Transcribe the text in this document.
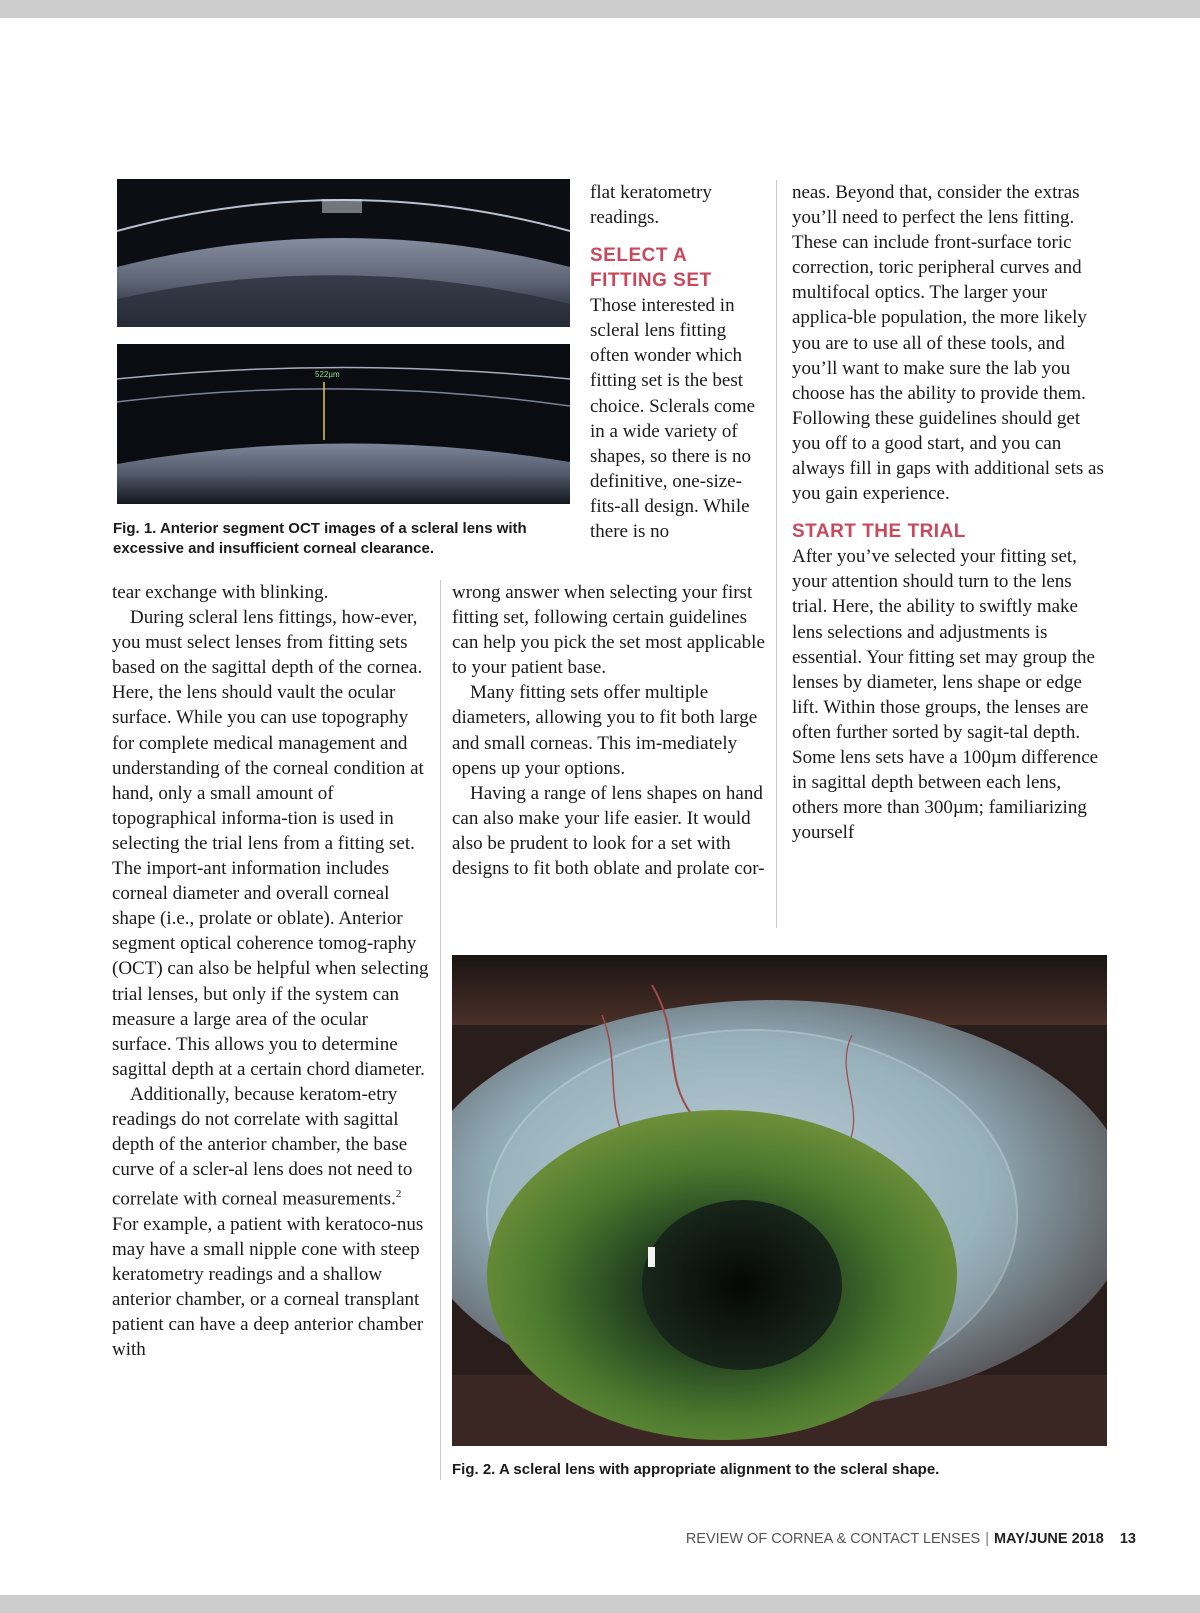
522µm
Fig. 1. Anterior segment OCT images of a scleral lens with excessive and insufficient corneal clearance.

flat keratometry readings.

SELECT A FITTING SET

Those interested in scleral lens fitting often wonder which fitting set is the best choice. Sclerals come in a wide variety of shapes, so there is no definitive, one-size-fits-all design. While there is no

neas. Beyond that, consider the extras you’ll need to perfect the lens fitting. These can include front-surface toric correction, toric peripheral curves and multifocal optics. The larger your applica-ble population, the more likely you are to use all of these tools, and you’ll want to make sure the lab you choose has the ability to provide them. Following these guidelines should get you off to a good start, and you can always fill in gaps with additional sets as you gain experience.

START THE TRIAL

After you’ve selected your fitting set, your attention should turn to the lens trial. Here, the ability to swiftly make lens selections and adjustments is essential. Your fitting set may group the lenses by diameter, lens shape or edge lift. Within those groups, the lenses are often further sorted by sagit-tal depth. Some lens sets have a 100µm difference in sagittal depth between each lens, others more than 300µm; familiarizing yourself

tear exchange with blinking.

During scleral lens fittings, how-ever, you must select lenses from fitting sets based on the sagittal depth of the cornea. Here, the lens should vault the ocular surface. While you can use topography for complete medical management and understanding of the corneal condition at hand, only a small amount of topographical informa-tion is used in selecting the trial lens from a fitting set. The import-ant information includes corneal diameter and overall corneal shape (i.e., prolate or oblate). Anterior segment optical coherence tomog-raphy (OCT) can also be helpful when selecting trial lenses, but only if the system can measure a large area of the ocular surface. This allows you to determine sagittal depth at a certain chord diameter.

Additionally, because keratom-etry readings do not correlate with sagittal depth of the anterior chamber, the base curve of a scler-al lens does not need to correlate with corneal measurements.$^2$ For example, a patient with keratoco-nus may have a small nipple cone with steep keratometry readings and a shallow anterior chamber, or a corneal transplant patient can have a deep anterior chamber with

wrong answer when selecting your first fitting set, following certain guidelines can help you pick the set most applicable to your patient base.

Many fitting sets offer multiple diameters, allowing you to fit both large and small corneas. This im-mediately opens up your options.

Having a range of lens shapes on hand can also make your life easier. It would also be prudent to look for a set with designs to fit both oblate and prolate cor-

Fig. 2. A scleral lens with appropriate alignment to the scleral shape.
REVIEW OF CORNEA & CONTACT LENSES | MAY/JUNE 2018 13
